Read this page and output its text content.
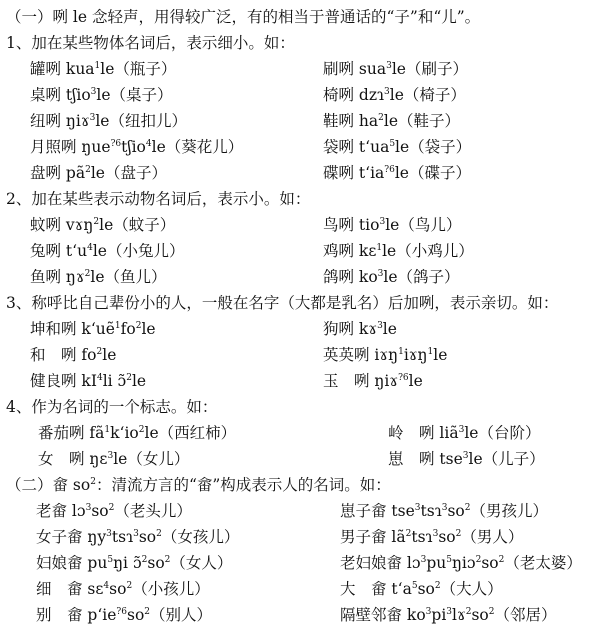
（一）咧 le 念轻声，用得较广泛，有的相当于普通话的“子”和“儿”。
1、加在某些物体名词后，表示细小。如：
罐咧 kua$^1$le（瓶子）	刷咧 sua$^3$le（刷子）
桌咧 tʃio$^3$le（桌子）	椅咧 dzɿ$^3$le（椅子）
纽咧 ŋiɤ$^3$le（纽扣儿）	鞋咧 $ha^2le$（鞋子）
月照咧 ŋue$^{?6}$tʃio$^4$le（葵花儿）	袋咧 tʻua$^5$le（袋子）
盘咧 $pã^2le$（盘子）	碟咧 tʻia$^{?6}$le（碟子）
2、加在某些表示动物名词后，表示小。如：
蚊咧 vɤŋ$^2$le（蚊子）	鸟咧 tio$^3$le（鸟儿）
兔咧 tʻu$^4$le（小兔儿）	鸡咧 kɛ$^1$le（小鸡儿）
鱼咧 ŋɤ$^2$le（鱼儿）	鸽咧 $ko^3le$（鸽子）
3、称呼比自己辈份小的人，一般在名字（大都是乳名）后加咧，表示亲切。如：
坤和咧 $kʻuẽ^1fo^2le$	狗咧 kɤ$^3$le
和　咧 $fo^2le$	英英咧 iɤŋ$^1$iɤŋ$^1$le
健良咧 $kI^4li$ ɔ̃$^2$le	玉　咧 ŋiɤ$^{?6}$le
4、作为名词的一个标志。如：
番茄咧 $fã^1kʻio^2le$（西红柿）	岭　咧 liã$^3$le（台阶）
女　咧 ŋɛ$^3$le（女儿）	崽　咧 tse$^3$le（儿子）
（二）畲 $so^2$：清流方言的“畲”构成表示人的名词。如：
老畲 $lɔ^3so^2$（老头儿）	崽子畲 $tse^3tsɿ^3so^2$（男孩儿）
女子畲 $ŋy^3tsɿ^3so^2$（女孩儿）	男子畲 $lã^2tsɿ^3so^2$（男人）
妇娘畲 $pu^5ŋi$ $ɔ̃^2so^2$（女人）	老妇娘畲 $lɔ^3pu^5ŋiɔ^2so^2$（老太婆）
细　畲 $sɛ^4so^2$（小孩儿）	大　畲 $tʻa^5so^2$（大人）
别　畲 $pʻie^{?6}so^2$（别人）	隔壁邻畲 $ko^3pi^3lɤ^2so^2$（邻居）
